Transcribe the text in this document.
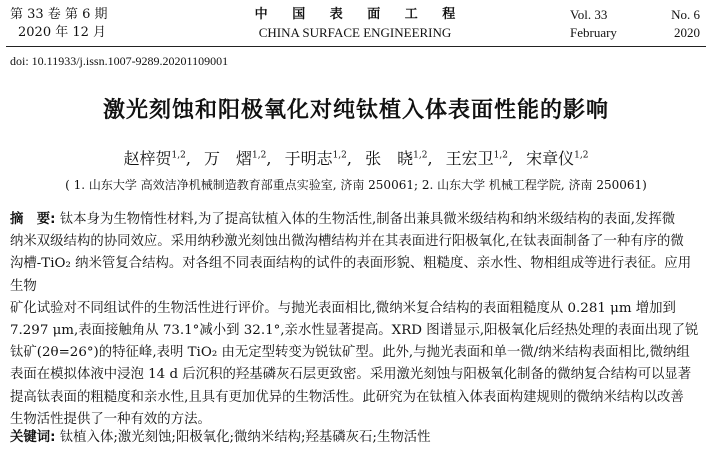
第 33 卷 第 6 期
2020 年 12 月
中 国 表 面 工 程
CHINA SURFACE ENGINEERING
Vol. 33	No. 6
February	2020
doi: 10.11933/j.issn.1007-9289.20201109001
激光刻蚀和阳极氧化对纯钛植入体表面性能的影响
赵梓贺$^{1,2}$, 万　熠$^{1,2}$, 于明志$^{1,2}$, 张　晓$^{1,2}$, 王宏卫$^{1,2}$, 宋章仪$^{1,2}$
( 1. 山东大学 高效洁净机械制造教育部重点实验室, 济南 250061; 2. 山东大学 机械工程学院, 济南 250061)
摘　要: 钛本身为生物惰性材料,为了提高钛植入体的生物活性,制备出兼具微米级结构和纳米级结构的表面,发挥微
纳米双级结构的协同效应。采用纳秒激光刻蚀出微沟槽结构并在其表面进行阳极氧化,在钛表面制备了一种有序的微
沟槽-TiO₂ 纳米管复合结构。对各组不同表面结构的试件的表面形貌、粗糙度、亲水性、物相组成等进行表征。应用生物
矿化试验对不同组试件的生物活性进行评价。与抛光表面相比,微纳米复合结构的表面粗糙度从 0.281 μm 增加到
7.297 μm,表面接触角从 73.1°减小到 32.1°,亲水性显著提高。XRD 图谱显示,阳极氧化后经热处理的表面出现了锐
钛矿(2θ=26°)的特征峰,表明 TiO₂ 由无定型转变为锐钛矿型。此外,与抛光表面和单一微/纳米结构表面相比,微纳组
表面在模拟体液中浸泡 14 d 后沉积的羟基磷灰石层更致密。采用激光刻蚀与阳极氧化制备的微纳复合结构可以显著
提高钛表面的粗糙度和亲水性,且具有更加优异的生物活性。此研究为在钛植入体表面构建规则的微纳米结构以改善
生物活性提供了一种有效的方法。
关键词: 钛植入体;激光刻蚀;阳极氧化;微纳米结构;羟基磷灰石;生物活性
